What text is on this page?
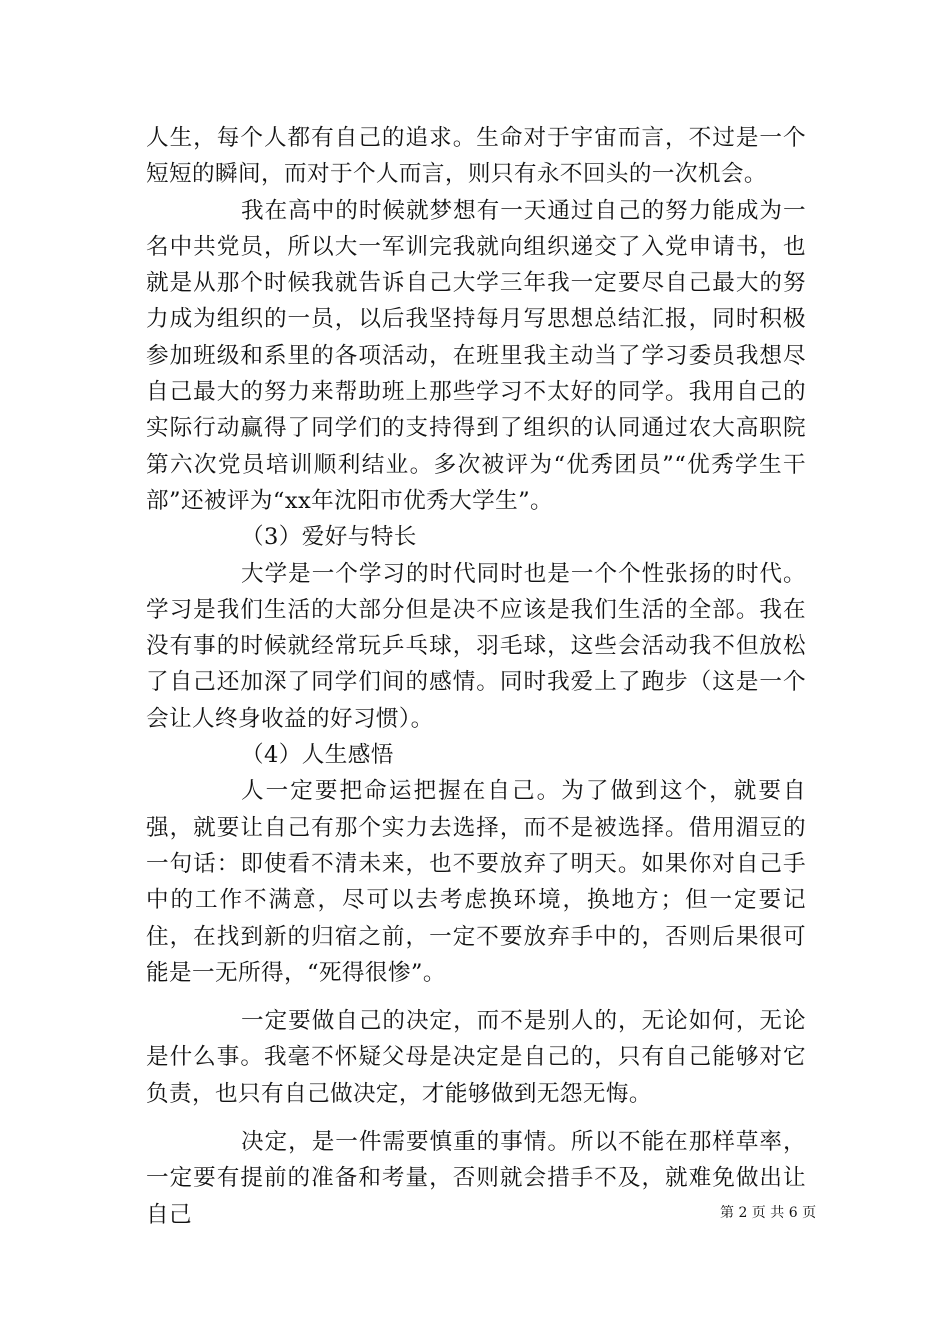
人生，每个人都有自己的追求。生命对于宇宙而言，不过是一个短短的瞬间，而对于个人而言，则只有永不回头的一次机会。

我在高中的时候就梦想有一天通过自己的努力能成为一名中共党员，所以大一军训完我就向组织递交了入党申请书，也就是从那个时候我就告诉自己大学三年我一定要尽自己最大的努力成为组织的一员，以后我坚持每月写思想总结汇报，同时积极参加班级和系里的各项活动，在班里我主动当了学习委员我想尽自己最大的努力来帮助班上那些学习不太好的同学。我用自己的实际行动赢得了同学们的支持得到了组织的认同通过农大高职院第六次党员培训顺利结业。多次被评为“优秀团员”“优秀学生干部”还被评为“xx年沈阳市优秀大学生”。

（3）爱好与特长

大学是一个学习的时代同时也是一个个性张扬的时代。学习是我们生活的大部分但是决不应该是我们生活的全部。我在没有事的时候就经常玩乒乓球，羽毛球，这些会活动我不但放松了自己还加深了同学们间的感情。同时我爱上了跑步（这是一个会让人终身收益的好习惯）。

（4）人生感悟

人一定要把命运把握在自己。为了做到这个，就要自强，就要让自己有那个实力去选择，而不是被选择。借用湄豆的一句话：即使看不清未来，也不要放弃了明天。如果你对自己手中的工作不满意，尽可以去考虑换环境，换地方；但一定要记住，在找到新的归宿之前，一定不要放弃手中的，否则后果很可能是一无所得，“死得很惨”。

一定要做自己的决定，而不是别人的，无论如何，无论是什么事。我毫不怀疑父母是决定是自己的，只有自己能够对它负责，也只有自己做决定，才能够做到无怨无悔。

决定，是一件需要慎重的事情。所以不能在那样草率，一定要有提前的准备和考量，否则就会措手不及，就难免做出让自己	第 2 页 共 6 页
